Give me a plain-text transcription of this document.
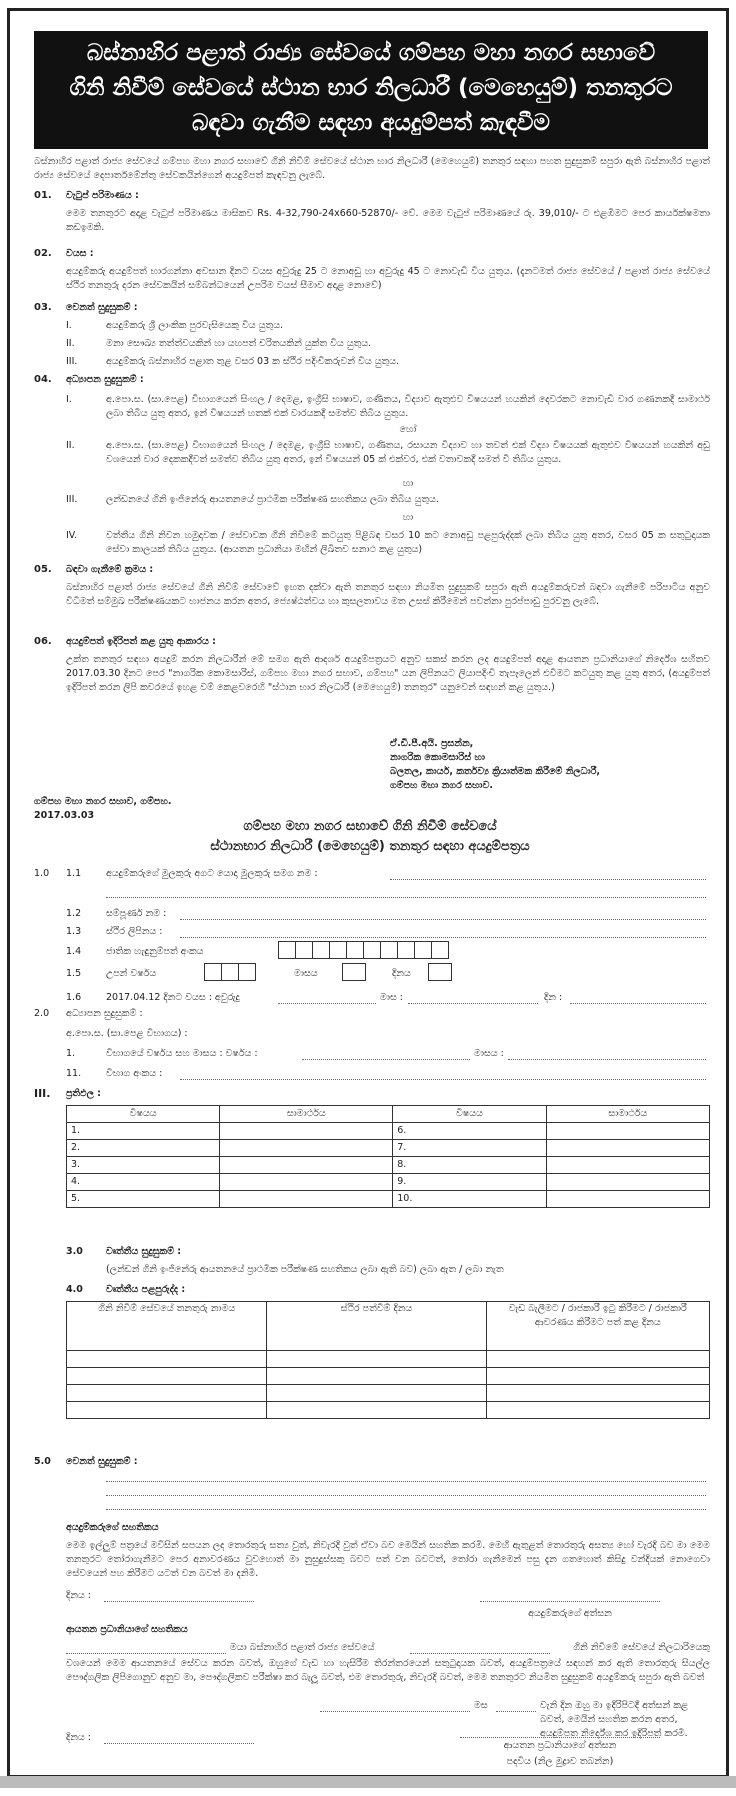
බස්නාහිර පළාත් රාජ්‍ය සේවයේ ගම්පහ මහා නගර සභාවේ
ගිනි නිවීම් සේවයේ ස්ථාන භාර නිලධාරී (මෙහෙයුම්) තනතුරට
බඳවා ගැනීම සඳහා අයදුම්පත් කැඳවීම
බස්නාහිර පළාත් රාජ්‍ය සේවයේ ගම්පහ මහා නගර සභාවේ ගිනි නිවීම් සේවයේ ස්ථාන භාර නිලධාරී (මෙහෙයුම්) තනතුර සඳහා පහත සුදුසුකම් සපුරා ඇති බස්නාහිර පළාත් රාජ්‍ය සේවයේ දෙපාර්තමේන්තු සේවකයින්ගෙන් අයදුම්පත් කැඳවනු ලැබේ.
01. වැටුප් පරිමාණය :
මෙම තනතුරට අදාළ වැටුප් පරිමාණය මාසිකව Rs. 4-32,790-24x660-52870/- වේ. මෙම වැටුප් පරිමාණයේ රු. 39,010/- ට එළඹීමට පෙර කාර්යක්ෂමතා කඩඉමකි.
02. වයස :
අයදුම්කරු අයදුම්පත් භාරගන්නා අවසාන දිනට වයස අවුරුදු 25 ට නොඅඩු හා අවුරුදු 45 ට නොවැඩි විය යුතුය. (දැනටමත් රාජ්‍ය සේවයේ / පළාත් රාජ්‍ය සේවයේ ස්ථිර තනතුරු දරන සේවකයින් සම්බන්ධයෙන් උපරිම වයස් සීමාව අදාළ නොවේ)
03. වෙනත් සුදුසුකම් :
I.	අයදුම්කරු ශ්‍රී ලාංකික පුරවැසියෙකු විය යුතුය.
II.	මනා සෞඛ්‍ය තත්ත්වයකින් හා යහපත් චරිතයකින් යුක්ත විය යුතුය.
III.	අයදුම්කරු බස්නාහිර පළාත තුළ වසර 03 ක ස්ථිර පදිංචිකරුවන් විය යුතුය.
04. අධ්‍යාපන සුදුසුකම් :
I.	අ.පො.ස. (සා.පෙළ) විභාගයෙන් සිංහල / දෙමළ, ඉංග්‍රීසි භාෂාව, ගණිතය, විද්‍යාව ඇතුළුව විෂයයන් හයකින් දෙවරකට නොවැඩි වාර ගණනකදී සාමාර්ථ ලබා තිබිය යුතු අතර, ඉන් විෂයයන් හතක් එක් වාරයකදී සමත්ව තිබිය යුතුය.
හෝ
II.	අ.පො.ස. (සා.පෙළ) විභාගයෙන් සිංහල / දෙමළ, ඉංග්‍රීසි භාෂාව, ගණිතය, රසායන විද්‍යාව හා තවත් එක් විද්‍යා විෂයයක් ඇතුළුව විෂයයන් හයකින් අඩු වශයෙන් වාර දෙකකදීවත් සමත්ව තිබිය යුතු අතර, ඉන් විෂයයන් 05 ක් එක්වර, එක් වතාවකදී සමත් වී තිබිය යුතුය.
හා
III.	ලන්ඩනයේ ගිනි ඉංජිනේරු ආයතනයේ ප්‍රාථමික පරීක්ෂණ සහතිකය ලබා තිබිය යුතුය.
හා
IV.	වත්තීය ගිනි නිවන හමුදාවක / සේවාවක ගිනි නිවීමේ කටයුතු පිළිබඳ වසර 10 කට නොඅඩු පළපුරුද්දක් ලබා තිබිය යුතු අතර, වසර 05 ක සතුටුදායක සේවා කාලයක් තිබිය යුතුය. (ආයතන ප්‍රධානියා මඟින් ලිඛිතව සනාථ කළ යුතුය)
05. බඳවා ගැනීමේ ක්‍රමය :
බස්නාහිර පළාත් රාජ්‍ය සේවයේ ගිනි නිවීම් සේවාවේ ඉහත දක්වා ඇති තනතුර සඳහා නියමිත සුදුසුකම් සපුරා ඇති අයදුම්කරුවන් බඳවා ගැනීමේ පරිපාටිය අනුව විධිමත් සම්මුඛ පරීක්ෂණයකට භාජනය කරන අතර, ජ්‍යෙෂ්ඨත්වය හා කුසලතාවය මත උසස් කිරීමෙන් පවත්නා පුරප්පාඩු පුරවනු ලැබේ.
06. අයදුම්පත් ඉදිරිපත් කළ යුතු ආකාරය :
උක්ත තනතුර සඳහා අයදුම් කරන නිලධාරීන් මේ සමග ඇති ආදර්ශ අයදුම්පත්‍රයට අනුව සකස් කරන ලද අයදුම්පත් අදාළ ආයතන ප්‍රධානියාගේ නිර්දේශ සහිතව 2017.03.30 දිනට පෙර "නාගරික කොමසාරිස්, ගම්පහ මහා නගර සභාව, ගම්පහ" යන ලිපිනයට ලියාපදිංචි තැපෑලෙන් එවීමට කටයුතු කළ යුතු අතර, (අයදුම්පත් ඉදිරිපත් කරන ලිපි කවරයේ ඉහළ වම් කෙළවරෙහි "ස්ථාන භාර නිලධාරී (මෙහෙයුම්) තනතුර" යනුවෙන් සඳහන් කළ යුතුය.)
ඒ.ඩී.පී.අයි. ප්‍රසන්න,
නාගරික කොමසාරිස් හා
බලතල, කාර්ය, කර්තව්‍ය ක්‍රියාත්මක කිරීමේ නිලධාරී,
ගම්පහ මහා නගර සභාව.
ගම්පහ මහා නගර සභාව, ගම්පහ.
2017.03.03
ගම්පහ මහා නගර සභාවේ ගිනි නිවීම් සේවයේ
ස්ථානභාර නිලධාරී (මෙහෙයුම්) තනතුර සඳහා අයදුම්පත්‍රය
1.0 1.1	අයදුම්කරුගේ මුලකුරු අගට යොදා මුලකුරු සමග නම :
1.2	සම්පූර්ණ නම :
1.3	ස්ථිර ලිපිනය :
1.4	ජාතික හැඳුනුම්පත් අංකය
1.5	උපන් වර්ෂය	මාසය	දිනය
1.6	2017.04.12 දිනට වයස : අවුරුදු	මාස :	දින :
2.0 අධ්‍යාපන සුදුසුකම් :
අ.පො.ස. (සා.පෙළ විභාගය) :
1.	විභාගයේ වර්ෂය සහ මාසය : වර්ෂය :	මාසය :
11.	විභාග අංකය :
III. ප්‍රතිඵල :
විෂයය	සාමාර්ථය	විෂයය	සාමාර්ථය
1.		6.	
2.		7.	
3.		8.	
4.		9.	
5.		10.	
3.0 වෘත්තීය සුදුසුකම් :
(ලන්ඩන් ගිනි ඉංජිනේරු ආයතනයේ ප්‍රාථමික පරීක්ෂණ සහතිකය ලබා ඇති බව) ලබා ඇත / ලබා නැත
4.0 වෘත්තීය පළපුරුද්ද :
ගිනි නිවීම් සේවයේ තනතුරු නාමය	ස්ථිර පත්වීම් දිනය	වැඩ බැලීමට / රාජකාරී ඉටු කිරීමට / රාජකාරී ආවරණය කිරීමට පත් කළ දිනය

5.0 වෙනත් සුදුසුකම් :
අයදුම්කරුගේ සහතිකය
මෙම ඉල්ලුම් පත්‍රයේ මවිසින් සපයන ලද තොරතුරු සත්‍ය වුත්, නිවැරදි වුත් ඒවා බව මෙයින් සහතික කරමි. මෙහි ඇතුළත් තොරතුරු අසත්‍ය හෝ වැරදි බව මා මෙම තනතුරට තෝරාගැනීමට පෙර අනාවරණය වුවහොත් මා නුසුදුස්සකු බවට පත් වන බවටත්, තෝරා ගැනීමෙන් පසු දැන ගතහොත් කිසිදු වන්දියක් නොගෙවා සේවයෙන් පහ කිරීමට යටත් වන බවත් මා දනිමි.
දිනය :
අයදුම්කරුගේ අත්සන
ආයතන ප්‍රධානියාගේ සහතිකය
මයා බස්නාහිර පළාත් රාජ්‍ය සේවයේ	ගිනි නිවීමේ සේවයේ නිලධාරියෙකු
වශයෙන් මෙම ආයතනයේ සේවය කරන බවත්, ඔහුගේ වැඩ හා හැසිරීම තිරන්තරයෙන් සතුටුදායක බවත්, අයදුම්පත්‍රයේ සඳහන් කර ඇති තොරතුරු සියල්ල පෞද්ගලික ලිපිගොනුව අනුව මා, පෞද්ගලිකව පරීක්ෂා කර බැලූ බවත්, එම තොරතුරු, නිවැරදි බවත්, මෙම තනතුරට නියමිත සුදුසුකම් අයදුම්කරු සපුරා ඇති බවත්
මස	වැනි දින ඔහු මා ඉදිරිපිටදී අත්සන් කළ බවත්, මෙයින් සහතික කරන අතර, අයදුම්පත නිර්දේශ කර ඉදිරිපත් කරමි.
දිනය :
ආයතන ප්‍රධානියාගේ අත්සන
පදවිය (නිල මුද්‍රාව තබන්න)
